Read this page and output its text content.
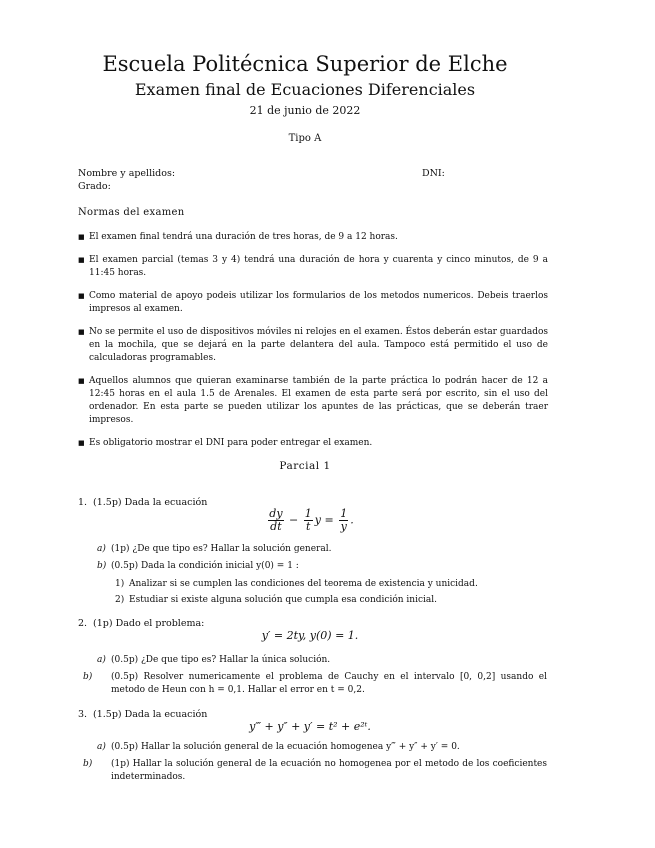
Escuela Politécnica Superior de Elche
Examen final de Ecuaciones Diferenciales
21 de junio de 2022
Tipo A
Nombre y apellidos:	DNI:
Grado:
Normas del examen
■ El examen final tendrá una duración de tres horas, de 9 a 12 horas.
■ El examen parcial (temas 3 y 4) tendrá una duración de hora y cuarenta y cinco minutos, de 9 a 11:45 horas.
■ Como material de apoyo podeis utilizar los formularios de los metodos numericos. Debeis traerlos impresos al examen.
■ No se permite el uso de dispositivos móviles ni relojes en el examen. Éstos deberán estar guardados en la mochila, que se dejará en la parte delantera del aula. Tampoco está permitido el uso de calculadoras programables.
■ Aquellos alumnos que quieran examinarse también de la parte práctica lo podrán hacer de 12 a 12:45 horas en el aula 1.5 de Arenales. El examen de esta parte será por escrito, sin el uso del ordenador. En esta parte se pueden utilizar los apuntes de las prácticas, que se deberán traer impresos.
■ Es obligatorio mostrar el DNI para poder entregar el examen.
Parcial 1
1. (1.5p) Dada la ecuación
$\frac{dy}{dt} - \frac{1}{t}$ $y = \frac{1}{y}$ .
a) (1p) ¿De que tipo es? Hallar la solución general.
b) (0.5p) Dada la condición inicial y(0) = 1 :
1) Analizar si se cumplen las condiciones del teorema de existencia y unicidad.
2) Estudiar si existe alguna solución que cumpla esa condición inicial.
2. (1p) Dado el problema:
y′ = 2ty, y(0) = 1.
a) (0.5p) ¿De que tipo es? Hallar la única solución.
b) (0.5p) Resolver numericamente el problema de Cauchy en el intervalo [0, 0,2] usando el metodo de Heun con h = 0,1. Hallar el error en t = 0,2.
3. (1.5p) Dada la ecuación
y‴ + y″ + y′ = t² + e²ᵗ.
a) (0.5p) Hallar la solución general de la ecuación homogenea y‴ + y″ + y′ = 0.
b) (1p) Hallar la solución general de la ecuación no homogenea por el metodo de los coeficientes indeterminados.
